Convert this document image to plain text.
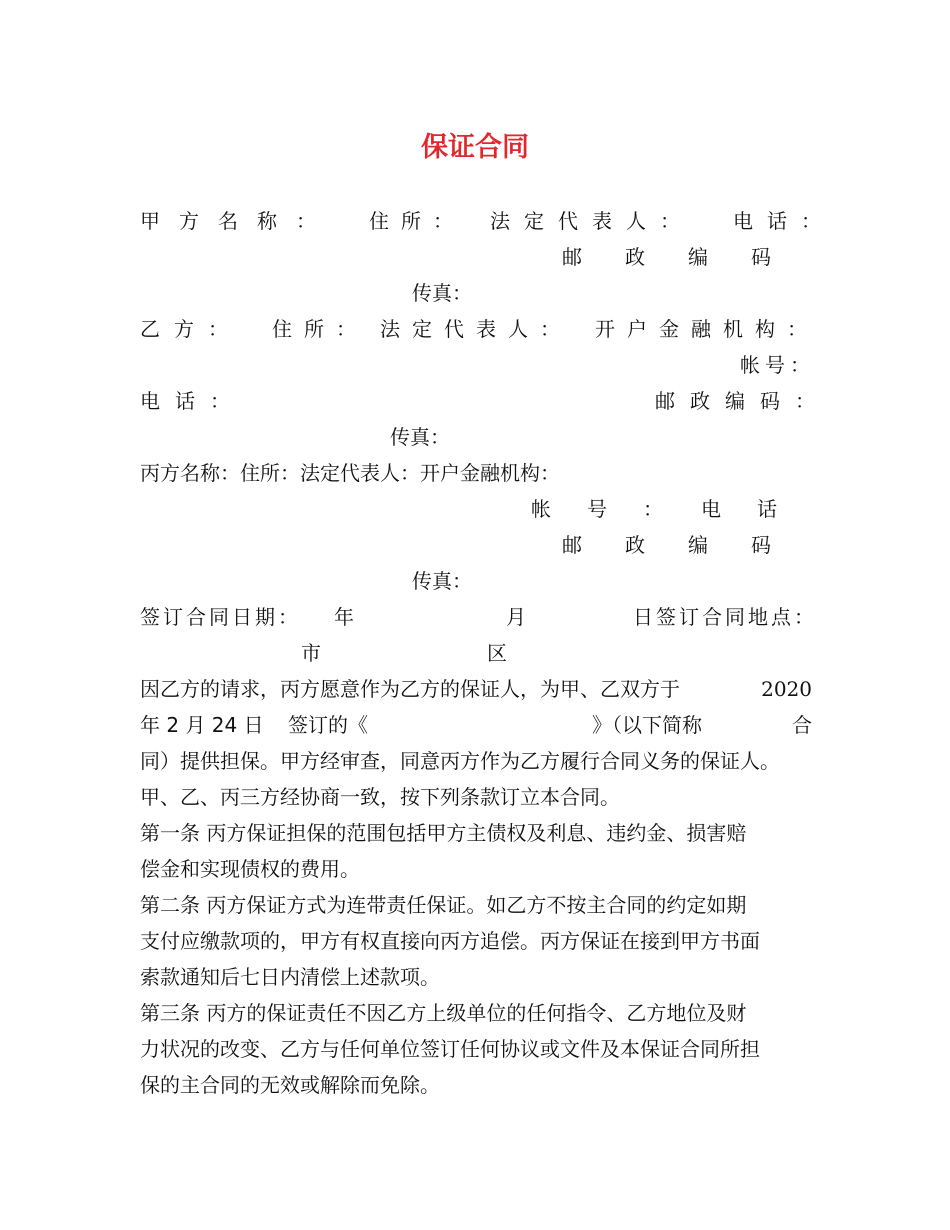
保证合同
甲方名称： 住所： 法定代表人： 电话：
邮政编码
传真：
乙方： 住所： 法定代表人： 开户金融机构：
帐号：
电话：	邮政编码：
传真：
丙方名称：住所：法定代表人：开户金融机构：
帐号： 电话
邮政编码
传真：
签订合同日期： 年	月	日签订合同地点：
市	区
因乙方的请求，丙方愿意作为乙方的保证人，为甲、乙双方于	2020
年 2 月 24 日 签订的《	》（以下简称	合
同）提供担保。甲方经审查，同意丙方作为乙方履行合同义务的保证人。
甲、乙、丙三方经协商一致，按下列条款订立本合同。
第一条 丙方保证担保的范围包括甲方主债权及利息、违约金、损害赔
偿金和实现债权的费用。
第二条 丙方保证方式为连带责任保证。如乙方不按主合同的约定如期
支付应缴款项的，甲方有权直接向丙方追偿。丙方保证在接到甲方书面
索款通知后七日内清偿上述款项。
第三条 丙方的保证责任不因乙方上级单位的任何指令、乙方地位及财
力状况的改变、乙方与任何单位签订任何协议或文件及本保证合同所担
保的主合同的无效或解除而免除。
